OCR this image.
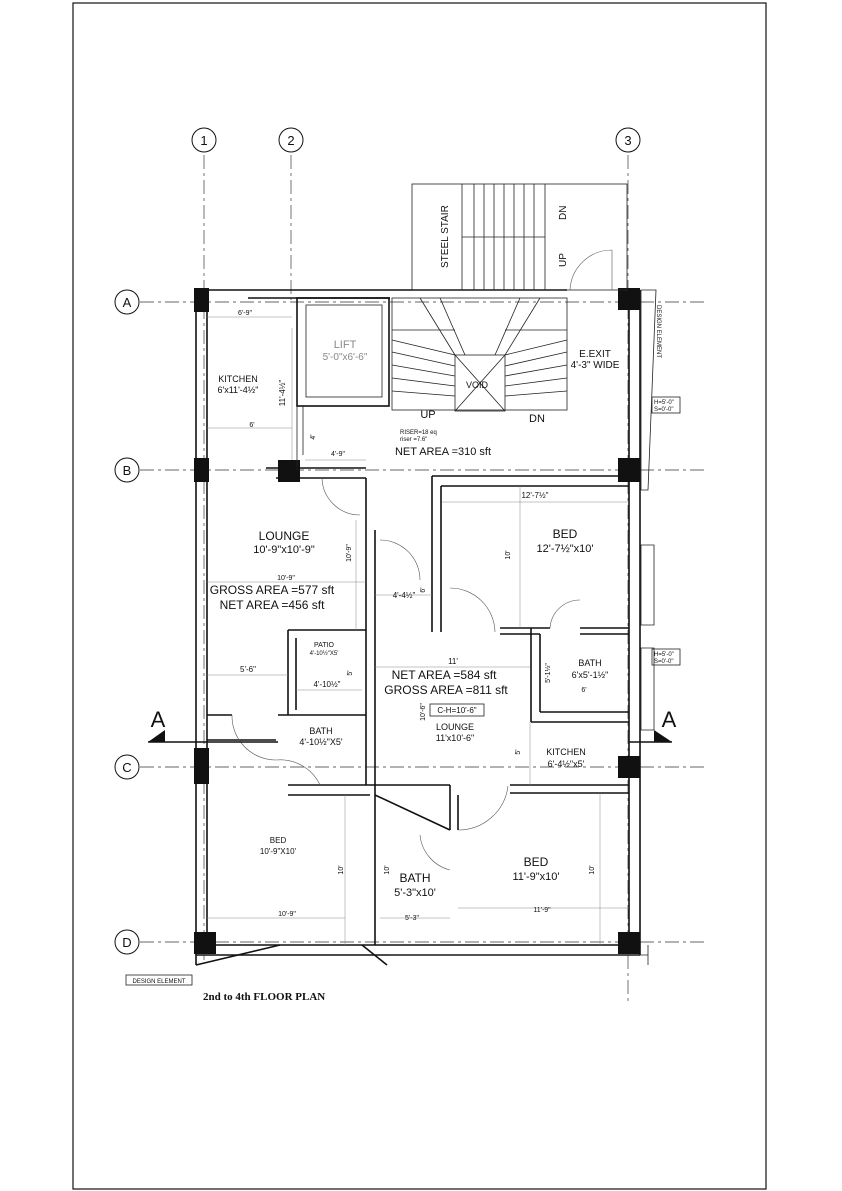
1	2	3
A
B
C
D
STEEL STAIR	DN
UP
LIFT
5'-0"x6'-6"
VOID
E.EXIT
4'-3" WIDE
DESIGN ELEMENT
H=5'-0"
S=0'-0"
H=5'-0"
S=0'-0"
UP	DN
RISER=18 eq
riser =7.6"
NET AREA =310 sft
KITCHEN
6'x11'-4½"
LOUNGE
10'-9"x10'-9"
GROSS AREA =577 sft
NET AREA =456 sft
PATIO
4'-10½"X5'
BATH
4'-10½"X5'
BED
12'-7½"x10'
BATH
6'x5'-1½"
NET AREA =584 sft
GROSS AREA =811 sft
C-H=10'-6"
LOUNGE
11'x10'-6"
KITCHEN
6'-4½"x5'
BED
10'-9"X10'
BATH
5'-3"x10'
BED
11'-9"x10'
6'-9"
11'-4½"
6'
4'
4'-9"
12'-7½"
10'
10'-9"
10'-9"
4'-4½"
6'
5'-6"
4'-10½"
5'
11'
5'-1½"
6'
10'-6"
5'
10'	10'	10'
10'-9"
5'-3"
11'-9"
A	A
DESIGN ELEMENT
2nd to 4th FLOOR PLAN
